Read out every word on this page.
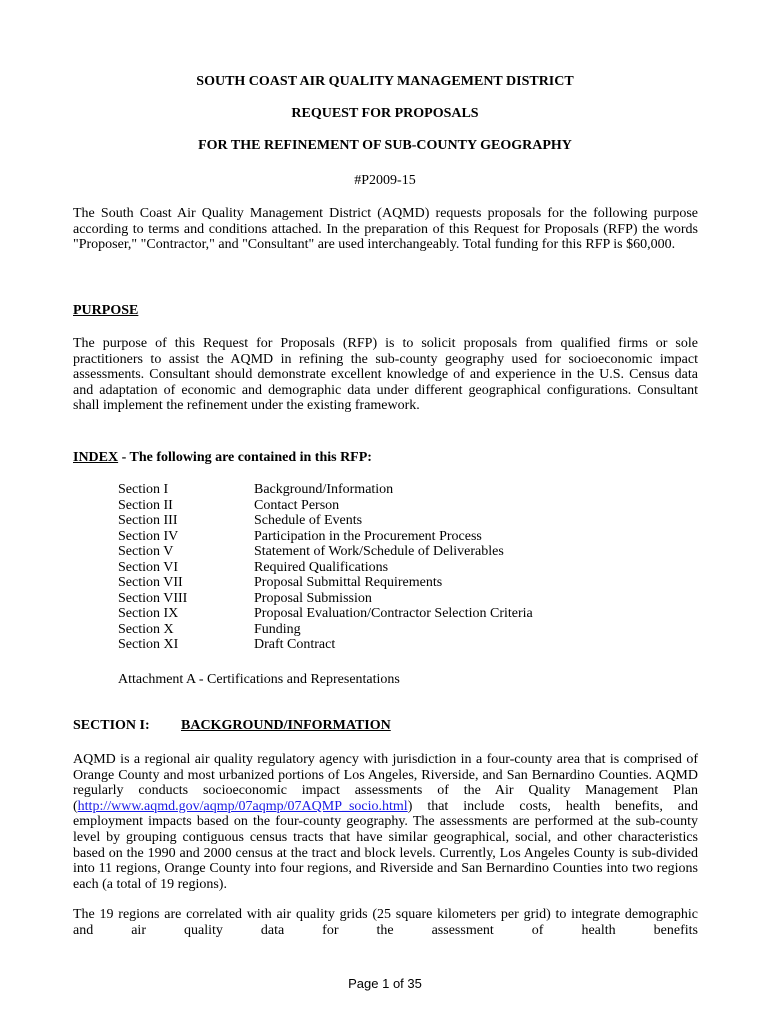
SOUTH COAST AIR QUALITY MANAGEMENT DISTRICT
REQUEST FOR PROPOSALS
FOR THE REFINEMENT OF SUB-COUNTY GEOGRAPHY
#P2009-15
The South Coast Air Quality Management District (AQMD) requests proposals for the following purpose according to terms and conditions attached. In the preparation of this Request for Proposals (RFP) the words "Proposer," "Contractor," and "Consultant" are used interchangeably. Total funding for this RFP is $60,000.
PURPOSE
The purpose of this Request for Proposals (RFP) is to solicit proposals from qualified firms or sole practitioners to assist the AQMD in refining the sub-county geography used for socioeconomic impact assessments. Consultant should demonstrate excellent knowledge of and experience in the U.S. Census data and adaptation of economic and demographic data under different geographical configurations. Consultant shall implement the refinement under the existing framework.
INDEX - The following are contained in this RFP:
Section I	Background/Information
Section II	Contact Person
Section III	Schedule of Events
Section IV	Participation in the Procurement Process
Section V	Statement of Work/Schedule of Deliverables
Section VI	Required Qualifications
Section VII	Proposal Submittal Requirements
Section VIII	Proposal Submission
Section IX	Proposal Evaluation/Contractor Selection Criteria
Section X	Funding
Section XI	Draft Contract
Attachment A - Certifications and Representations
SECTION I: BACKGROUND/INFORMATION
AQMD is a regional air quality regulatory agency with jurisdiction in a four-county area that is comprised of Orange County and most urbanized portions of Los Angeles, Riverside, and San Bernardino Counties. AQMD regularly conducts socioeconomic impact assessments of the Air Quality Management Plan (http://www.aqmd.gov/aqmp/07aqmp/07AQMP_socio.html) that include costs, health benefits, and employment impacts based on the four-county geography. The assessments are performed at the sub-county level by grouping contiguous census tracts that have similar geographical, social, and other characteristics based on the 1990 and 2000 census at the tract and block levels. Currently, Los Angeles County is sub-divided into 11 regions, Orange County into four regions, and Riverside and San Bernardino Counties into two regions each (a total of 19 regions).
The 19 regions are correlated with air quality grids (25 square kilometers per grid) to integrate demographic and air quality data for the assessment of health benefits
Page 1 of 35
